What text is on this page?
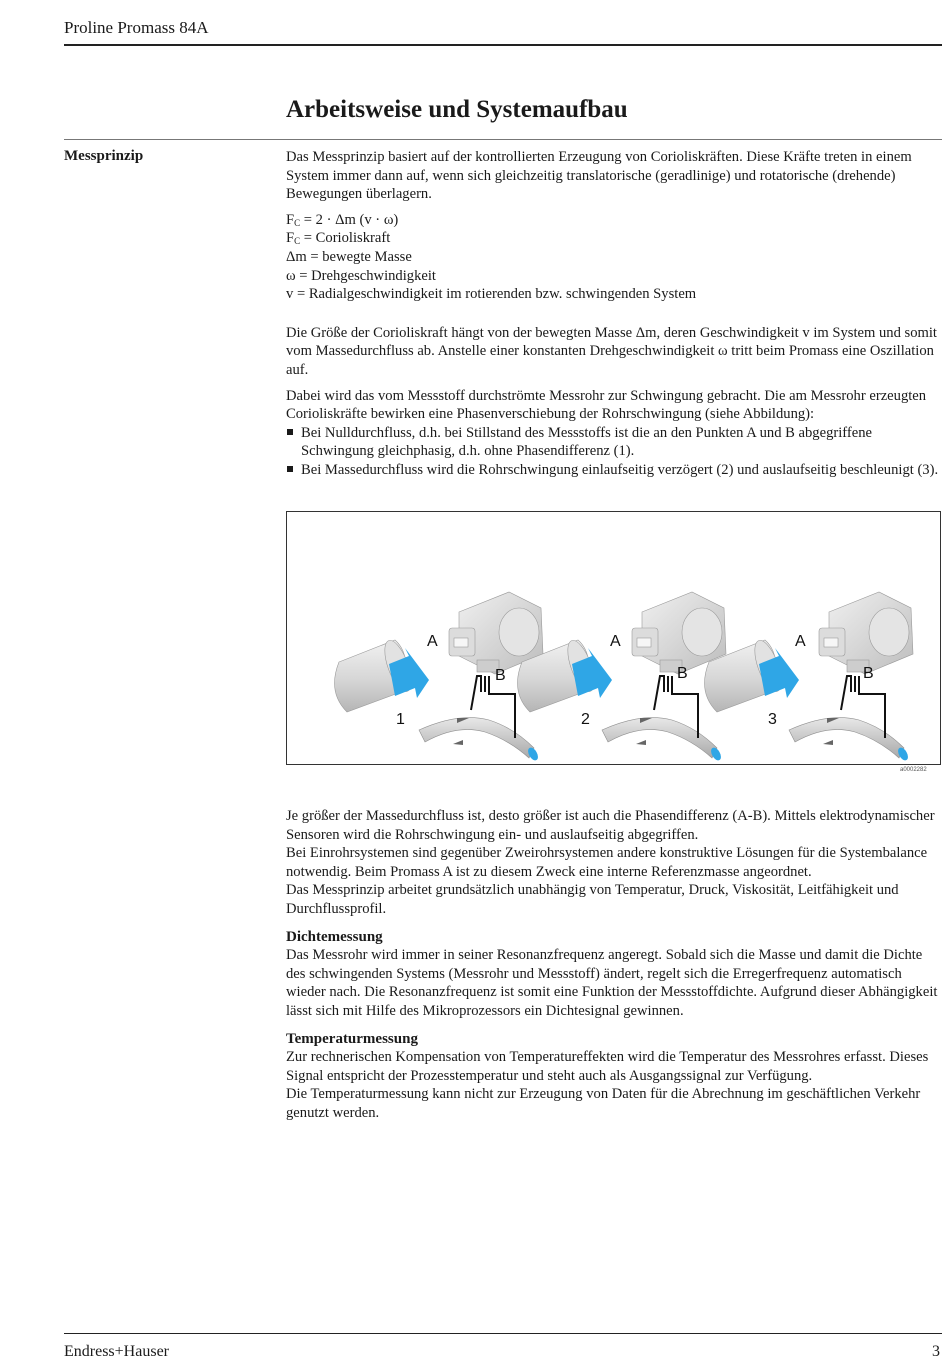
Proline Promass 84A
Arbeitsweise und Systemaufbau
Messprinzip	Das Messprinzip basiert auf der kontrollierten Erzeugung von Corioliskräften. Diese Kräfte treten in einem System immer dann auf, wenn sich gleichzeitig translatorische (geradlinige) und rotatorische (drehende) Bewegungen überlagern.

$F_C = 2 \cdot \Delta m$ (v · ω)
$F_C$ = Corioliskraft
Δm = bewegte Masse
ω = Drehgeschwindigkeit
v = Radialgeschwindigkeit im rotierenden bzw. schwingenden System

Die Größe der Corioliskraft hängt von der bewegten Masse Δm, deren Geschwindigkeit v im System und somit vom Massedurchfluss ab. Anstelle einer konstanten Drehgeschwindigkeit ω tritt beim Promass eine Oszillation auf.

Dabei wird das vom Messstoff durchströmte Messrohr zur Schwingung gebracht. Die am Messrohr erzeugten Corioliskräfte bewirken eine Phasenverschiebung der Rohrschwingung (siehe Abbildung):

Bei Nulldurchfluss, d.h. bei Stillstand des Messstoffs ist die an den Punkten A und B abgegriffene Schwingung gleichphasig, d.h. ohne Phasendifferenz (1).
Bei Massedurchfluss wird die Rohrschwingung einlaufseitig verzögert (2) und auslaufseitig beschleunigt (3).
A
B
A
B
A
B
1	2	3
a0002282

Je größer der Massedurchfluss ist, desto größer ist auch die Phasendifferenz (A-B). Mittels elektrodynamischer Sensoren wird die Rohrschwingung ein- und auslaufseitig abgegriffen.

Bei Einrohrsystemen sind gegenüber Zweirohrsystemen andere konstruktive Lösungen für die Systembalance notwendig. Beim Promass A ist zu diesem Zweck eine interne Referenzmasse angeordnet.

Das Messprinzip arbeitet grundsätzlich unabhängig von Temperatur, Druck, Viskosität, Leitfähigkeit und Durchflussprofil.

Dichtemessung

Das Messrohr wird immer in seiner Resonanzfrequenz angeregt. Sobald sich die Masse und damit die Dichte des schwingenden Systems (Messrohr und Messstoff) ändert, regelt sich die Erregerfrequenz automatisch wieder nach. Die Resonanzfrequenz ist somit eine Funktion der Messstoffdichte. Aufgrund dieser Abhängigkeit lässt sich mit Hilfe des Mikroprozessors ein Dichtesignal gewinnen.

Temperaturmessung

Zur rechnerischen Kompensation von Temperatureffekten wird die Temperatur des Messrohres erfasst. Dieses Signal entspricht der Prozesstemperatur und steht auch als Ausgangssignal zur Verfügung.

Die Temperaturmessung kann nicht zur Erzeugung von Daten für die Abrechnung im geschäftlichen Verkehr genutzt werden.

Endress+Hauser	3
